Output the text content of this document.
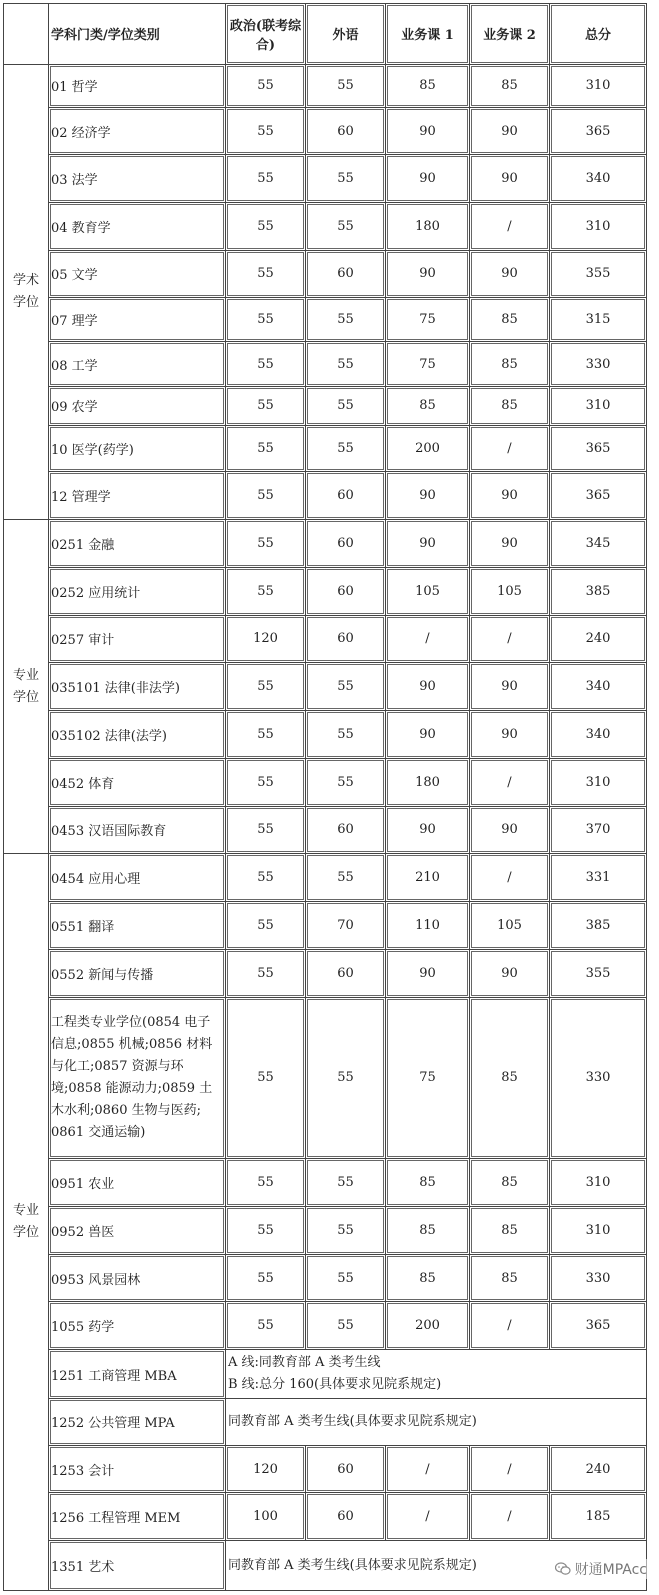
	学科门类/学位类别	政治(联考综合)	外语	业务课 1	业务课 2	总分
学术学位	01 哲学	55	55	85	85	310
	02 经济学	55	60	90	90	365
	03 法学	55	55	90	90	340
	04 教育学	55	55	180	/	310
	05 文学	55	60	90	90	355
	07 理学	55	55	75	85	315
	08 工学	55	55	75	85	330
	09 农学	55	55	85	85	310
	10 医学(药学)	55	55	200	/	365
	12 管理学	55	60	90	90	365
专业学位	0251 金融	55	60	90	90	345
	0252 应用统计	55	60	105	105	385
	0257 审计	120	60	/	/	240
	035101 法律(非法学)	55	55	90	90	340
	035102 法律(法学)	55	55	90	90	340
	0452 体育	55	55	180	/	310
	0453 汉语国际教育	55	60	90	90	370
专业学位	0454 应用心理	55	55	210	/	331
	0551 翻译	55	70	110	105	385
	0552 新闻与传播	55	60	90	90	355
	工程类专业学位(0854 电子信息;0855 机械;0856 材料与化工;0857 资源与环境;0858 能源动力;0859 土木水利;0860 生物与医药; 0861 交通运输)	55	55	75	85	330
	0951 农业	55	55	85	85	310
	0952 兽医	55	55	85	85	310
	0953 风景园林	55	55	85	85	330
	1055 药学	55	55	200	/	365
	1251 工商管理 MBA	A 线:同教育部 A 类考生线
B 线:总分 160(具体要求见院系规定)				

	1252 公共管理 MPA	同教育部 A 类考生线(具体要求见院系规定)				
	1253 会计	120	60	/	/	240
	1256 工程管理 MEM	100	60	/	/	185
	1351 艺术	同教育部 A 类考生线(具体要求见院系规定)					财通MPAcc
